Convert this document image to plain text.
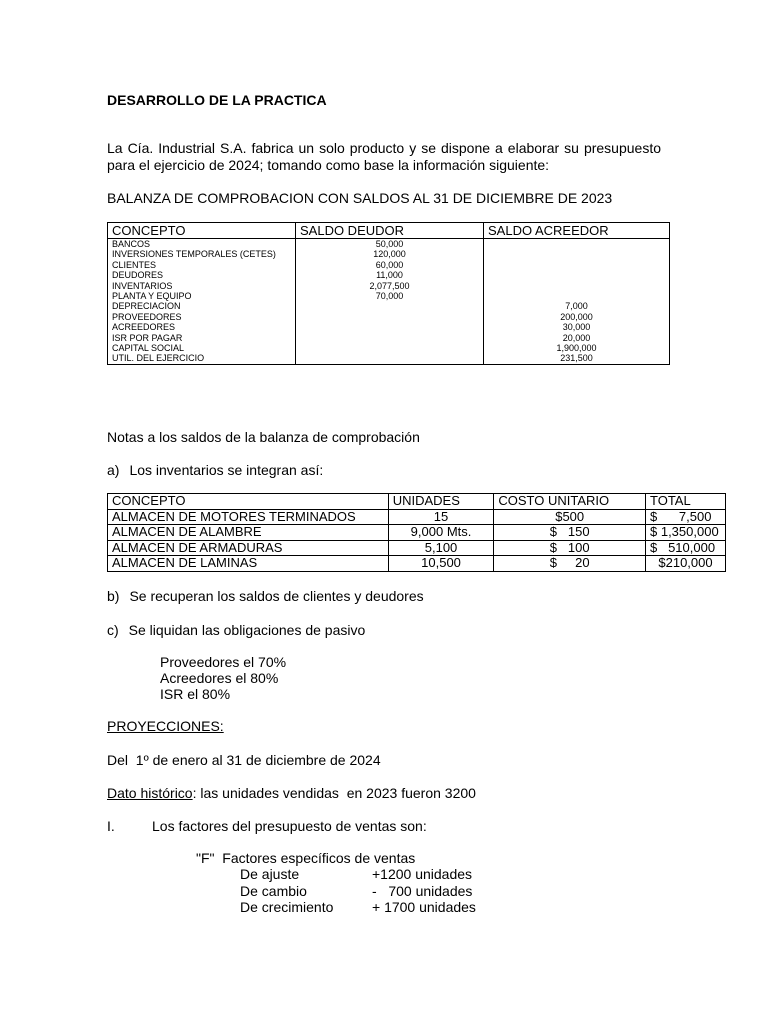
DESARROLLO DE LA PRACTICA
La Cía. Industrial S.A. fabrica un solo producto y se dispone a elaborar su presupuesto para el ejercicio de 2024; tomando como base la información siguiente:
BALANZA DE COMPROBACION CON SALDOS AL 31 DE DICIEMBRE DE 2023
CONCEPTO	SALDO DEUDOR	SALDO ACREEDOR
BANCOS	50,000	
INVERSIONES TEMPORALES (CETES)	120,000	
CLIENTES	60,000	
DEUDORES	11,000	
INVENTARIOS	2,077,500	
PLANTA Y EQUIPO	70,000	
DEPRECIACION		7,000
PROVEEDORES		200,000
ACREEDORES		30,000
ISR POR PAGAR		20,000
CAPITAL SOCIAL		1,900,000
UTIL. DEL EJERCICIO		231,500
Notas a los saldos de la balanza de comprobación
a) Los inventarios se integran así:
CONCEPTO	UNIDADES	COSTO UNITARIO	TOTAL
ALMACEN DE MOTORES TERMINADOS	15	$500	$      7,500
ALMACEN DE ALAMBRE	9,000 Mts.	$   150	$ 1,350,000
ALMACEN DE ARMADURAS	5,100	$   100	$   510,000
ALMACEN DE LAMINAS	10,500	$     20	$210,000
b) Se recuperan los saldos de clientes y deudores
c) Se liquidan las obligaciones de pasivo
Proveedores el 70%
Acreedores el 80%
ISR el 80%
PROYECCIONES:
Del  1º de enero al 31 de diciembre de 2024
Dato histórico: las unidades vendidas  en 2023 fueron 3200
I.	Los factores del presupuesto de ventas son:
"F"  Factores específicos de ventas
De ajuste	+1200 unidades
De cambio	-   700 unidades
De crecimiento	+ 1700 unidades
